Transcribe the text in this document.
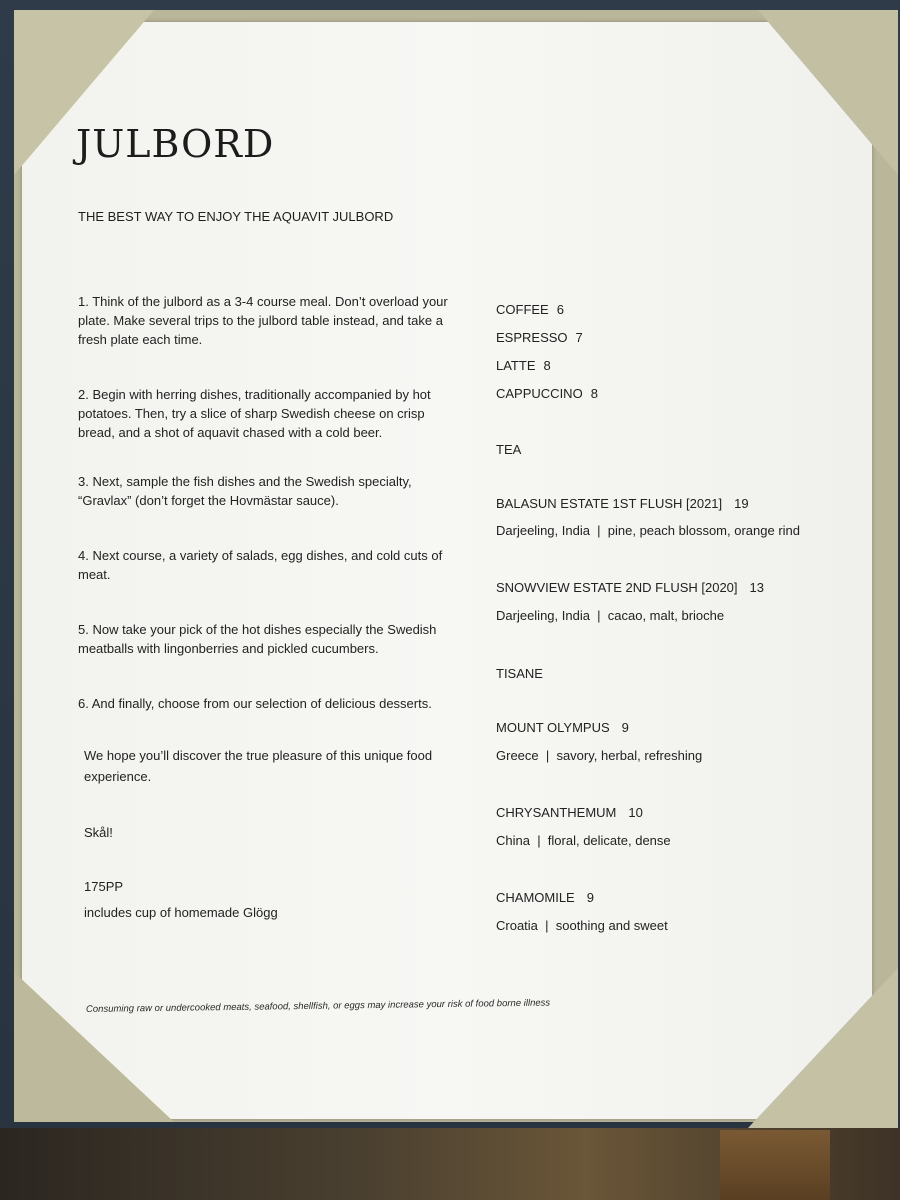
JULBORD

THE BEST WAY TO ENJOY THE AQUAVIT JULBORD

1. Think of the julbord as a 3-4 course meal. Don’t overload your plate. Make several trips to the julbord table instead, and take a fresh plate each time.

2. Begin with herring dishes, traditionally accompanied by hot potatoes. Then, try a slice of sharp Swedish cheese on crisp bread, and a shot of aquavit chased with a cold beer.

3. Next, sample the fish dishes and the Swedish specialty, “Gravlax” (don’t forget the Hovmästar sauce).

4. Next course, a variety of salads, egg dishes, and cold cuts of meat.

5. Now take your pick of the hot dishes especially the Swedish meatballs with lingonberries and pickled cucumbers.

6. And finally, choose from our selection of delicious desserts.

We hope you’ll discover the true pleasure of this unique food experience.

Skål!

175PP

includes cup of homemade Glögg

COFFEE 6

ESPRESSO 7

LATTE 8

CAPPUCCINO 8

TEA

BALASUN ESTATE 1ST FLUSH [2021] 19

Darjeeling, India  |  pine, peach blossom, orange rind

SNOWVIEW ESTATE 2ND FLUSH [2020] 13

Darjeeling, India  |  cacao, malt, brioche

TISANE

MOUNT OLYMPUS 9

Greece  |  savory, herbal, refreshing

CHRYSANTHEMUM 10

China  |  floral, delicate, dense

CHAMOMILE 9

Croatia  |  soothing and sweet

Consuming raw or undercooked meats, seafood, shellfish, or eggs may increase your risk of food borne illness
